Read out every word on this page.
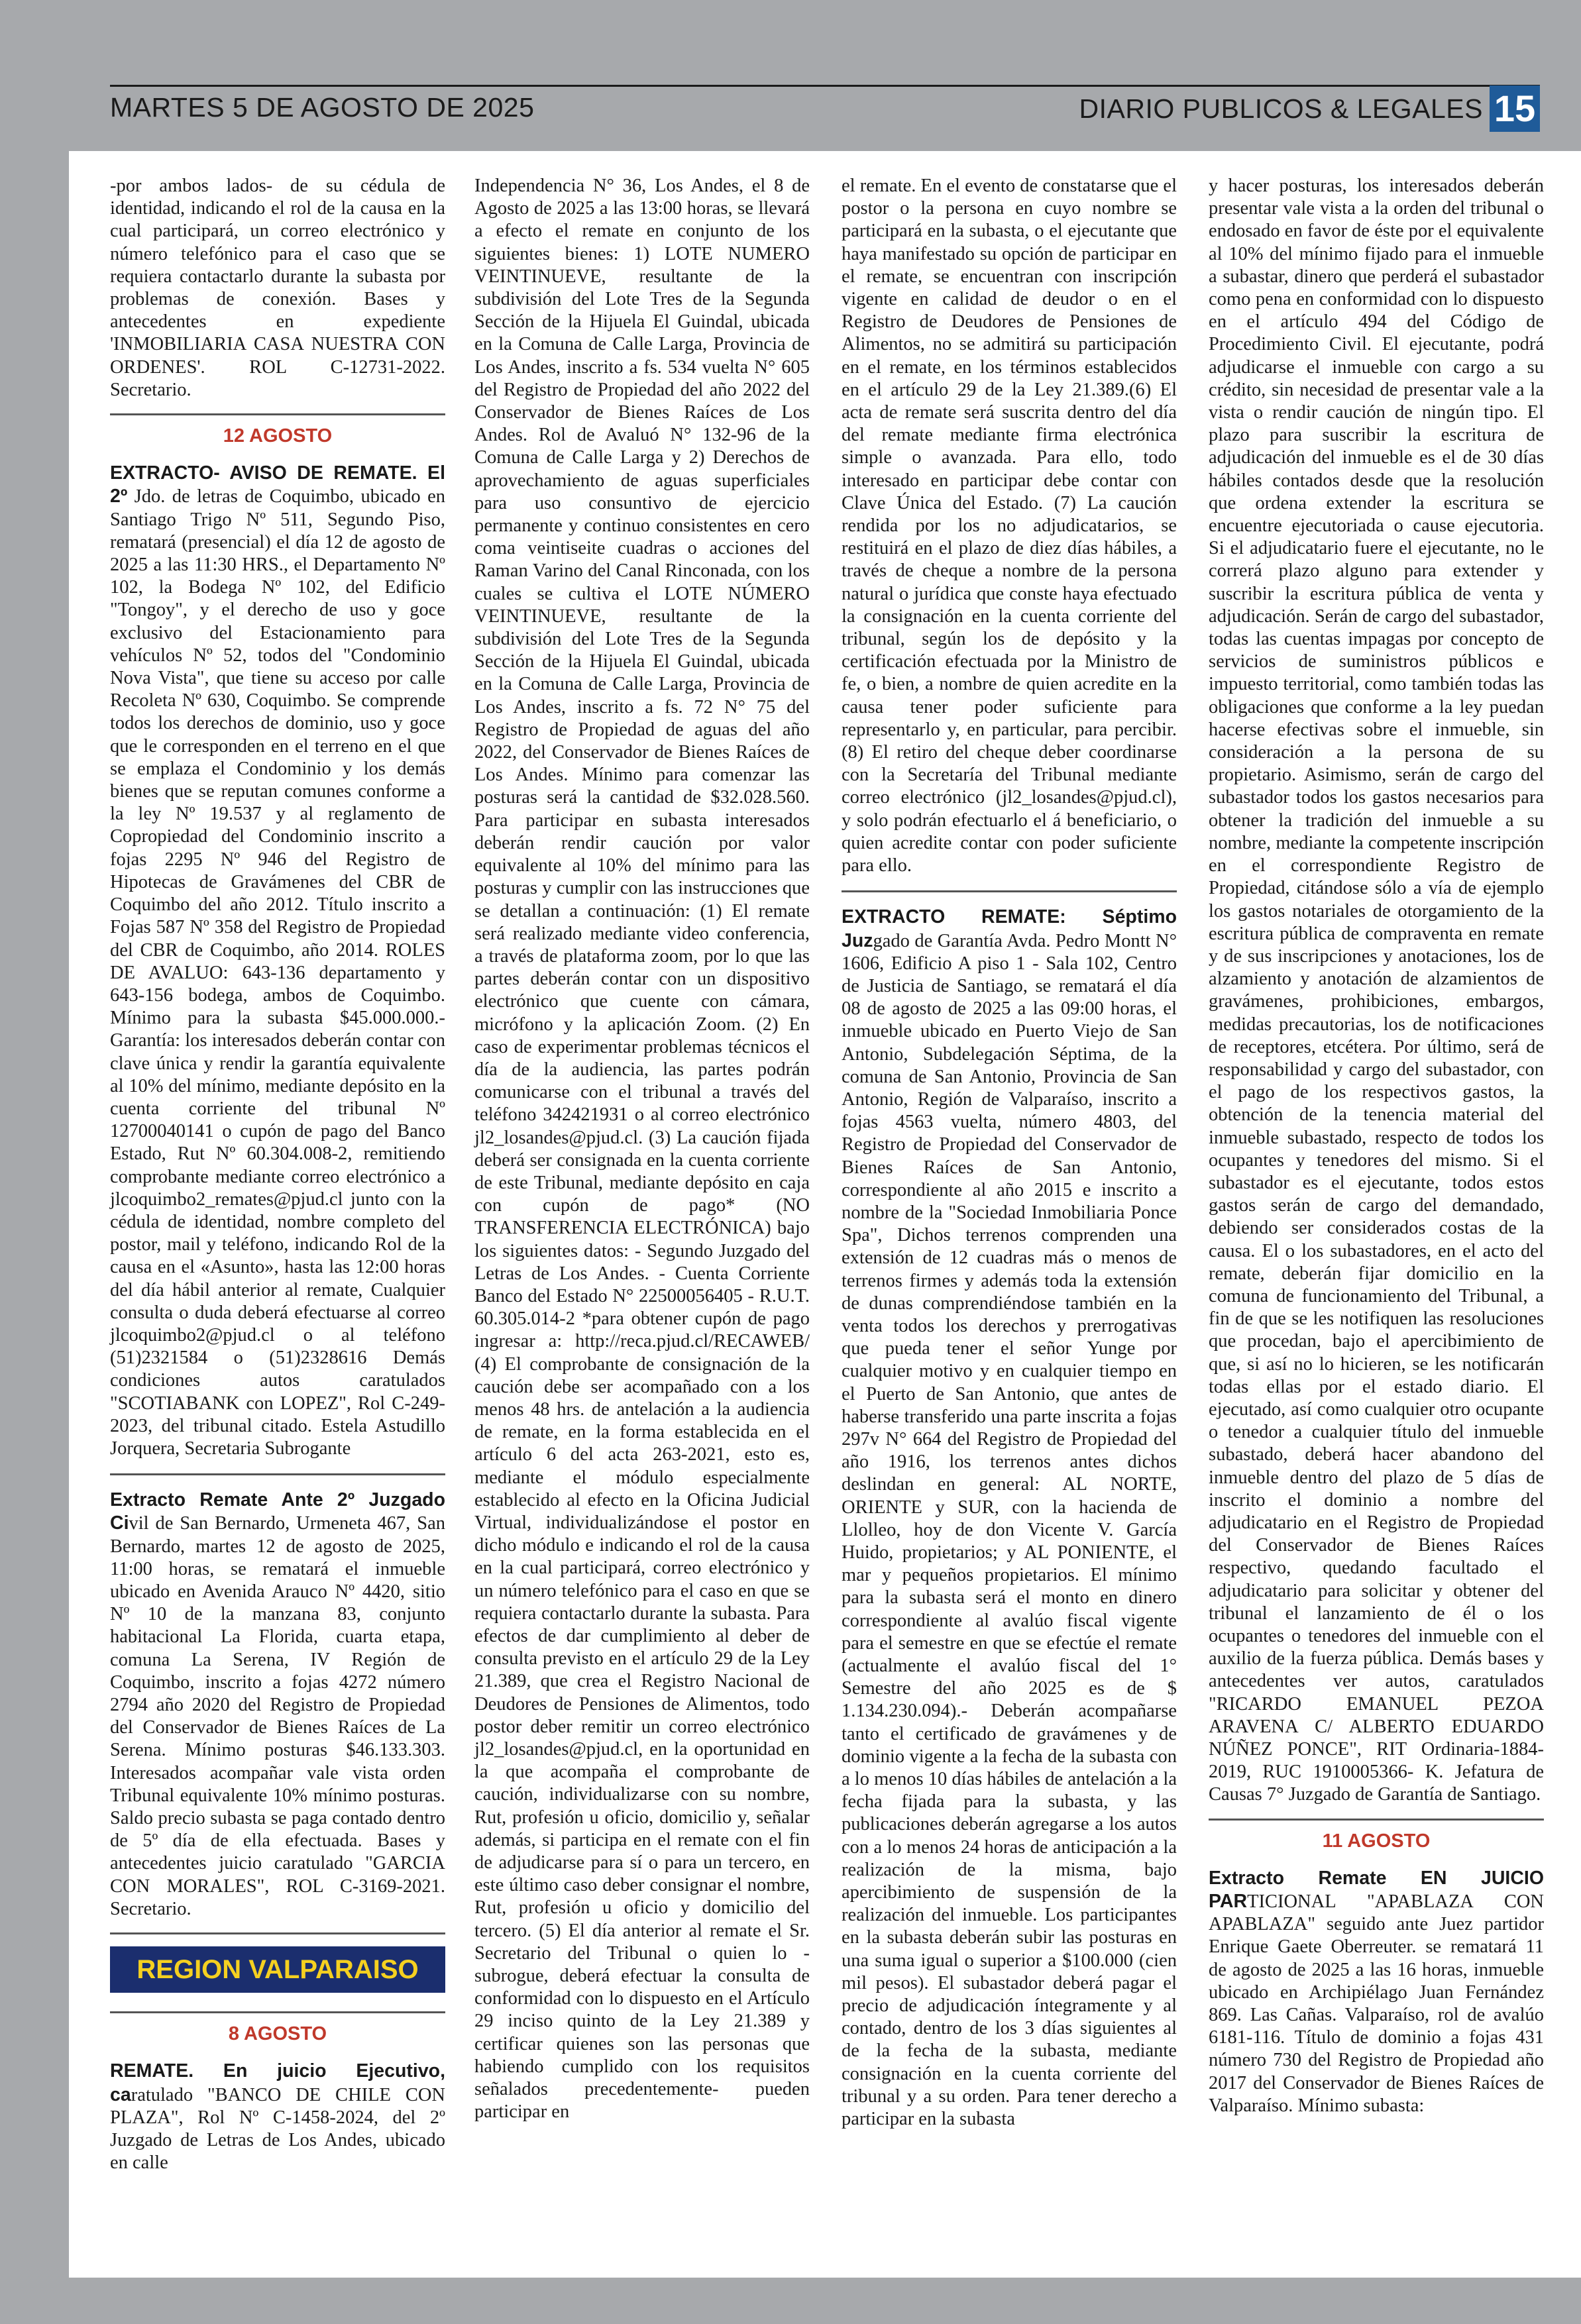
MARTES 5 DE AGOSTO DE 2025	DIARIO PUBLICOS & LEGALES 15

-por ambos lados- de su cédula de identidad, indicando el rol de la causa en la cual participará, un correo electrónico y número telefónico para el caso que se requiera contactarlo durante la subasta por problemas de conexión. Bases y antecedentes en expediente 'INMOBILIARIA CASA NUESTRA CON ORDENES'. ROL C-12731-2022. Secretario.

12 AGOSTO

EXTRACTO- AVISO DE REMATE. El 2º Jdo. de letras de Coquimbo, ubicado en Santiago Trigo Nº 511, Segundo Piso, rematará (presencial) el día 12 de agosto de 2025 a las 11:30 HRS., el Departamento Nº 102, la Bodega Nº 102, del Edificio "Tongoy", y el derecho de uso y goce exclusivo del Estacionamiento para vehículos Nº 52, todos del "Condominio Nova Vista", que tiene su acceso por calle Recoleta Nº 630, Coquimbo. Se comprende todos los derechos de dominio, uso y goce que le corresponden en el terreno en el que se emplaza el Condominio y los demás bienes que se reputan comunes conforme a la ley Nº 19.537 y al reglamento de Copropiedad del Condominio inscrito a fojas 2295 Nº 946 del Registro de Hipotecas de Gravámenes del CBR de Coquimbo del año 2012. Título inscrito a Fojas 587 Nº 358 del Registro de Propiedad del CBR de Coquimbo, año 2014. ROLES DE AVALUO: 643-136 departamento y 643-156 bodega, ambos de Coquimbo. Mínimo para la subasta $45.000.000.- Garantía: los interesados deberán contar con clave única y rendir la garantía equivalente al 10% del mínimo, mediante depósito en la cuenta corriente del tribunal Nº 12700040141 o cupón de pago del Banco Estado, Rut Nº 60.304.008-2, remitiendo comprobante mediante correo electrónico a jlcoquimbo2_remates@pjud.cl junto con la cédula de identidad, nombre completo del postor, mail y teléfono, indicando Rol de la causa en el «Asunto», hasta las 12:00 horas del día hábil anterior al remate, Cualquier consulta o duda deberá efectuarse al correo jlcoquimbo2@pjud.cl o al teléfono (51)2321584 o (51)2328616 Demás condiciones autos caratulados "SCOTIABANK con LOPEZ", Rol C-249-2023, del tribunal citado. Estela Astudillo Jorquera, Secretaria Subrogante

Extracto Remate Ante 2º Juzgado Civil de San Bernardo, Urmeneta 467, San Bernardo, martes 12 de agosto de 2025, 11:00 horas, se rematará el inmueble ubicado en Avenida Arauco Nº 4420, sitio Nº 10 de la manzana 83, conjunto habitacional La Florida, cuarta etapa, comuna La Serena, IV Región de Coquimbo, inscrito a fojas 4272 número 2794 año 2020 del Registro de Propiedad del Conservador de Bienes Raíces de La Serena. Mínimo posturas $46.133.303. Interesados acompañar vale vista orden Tribunal equivalente 10% mínimo posturas. Saldo precio subasta se paga contado dentro de 5º día de ella efectuada. Bases y antecedentes juicio caratulado "GARCIA CON MORALES", ROL C-3169-2021. Secretario.

REGION VALPARAISO
8 AGOSTO

REMATE. En juicio Ejecutivo, caratulado "BANCO DE CHILE CON PLAZA", Rol Nº C-1458-2024, del 2º Juzgado de Letras de Los Andes, ubicado en calle

Independencia N° 36, Los Andes, el 8 de Agosto de 2025 a las 13:00 horas, se llevará a efecto el remate en conjunto de los siguientes bienes: 1) LOTE NUMERO VEINTINUEVE, resultante de la subdivisión del Lote Tres de la Segunda Sección de la Hijuela El Guindal, ubicada en la Comuna de Calle Larga, Provincia de Los Andes, inscrito a fs. 534 vuelta N° 605 del Registro de Propiedad del año 2022 del Conservador de Bienes Raíces de Los Andes. Rol de Avaluó N° 132-96 de la Comuna de Calle Larga y 2) Derechos de aprovechamiento de aguas superficiales para uso consuntivo de ejercicio permanente y continuo consistentes en cero coma veintiseite cuadras o acciones del Raman Varino del Canal Rinconada, con los cuales se cultiva el LOTE NÚMERO VEINTINUEVE, resultante de la subdivisión del Lote Tres de la Segunda Sección de la Hijuela El Guindal, ubicada en la Comuna de Calle Larga, Provincia de Los Andes, inscrito a fs. 72 N° 75 del Registro de Propiedad de aguas del año 2022, del Conservador de Bienes Raíces de Los Andes. Mínimo para comenzar las posturas será la cantidad de $32.028.560. Para participar en subasta interesados deberán rendir caución por valor equivalente al 10% del mínimo para las posturas y cumplir con las instrucciones que se detallan a continuación: (1) El remate será realizado mediante video conferencia, a través de plataforma zoom, por lo que las partes deberán contar con un dispositivo electrónico que cuente con cámara, micrófono y la aplicación Zoom. (2) En caso de experimentar problemas técnicos el día de la audiencia, las partes podrán comunicarse con el tribunal a través del teléfono 342421931 o al correo electrónico jl2_losandes@pjud.cl. (3) La caución fijada deberá ser consignada en la cuenta corriente de este Tribunal, mediante depósito en caja con cupón de pago* (NO TRANSFERENCIA ELECTRÓNICA) bajo los siguientes datos: - Segundo Juzgado del Letras de Los Andes. - Cuenta Corriente Banco del Estado N° 22500056405 - R.U.T. 60.305.014-2 *para obtener cupón de pago ingresar a: http://reca.pjud.cl/RECAWEB/ (4) El comprobante de consignación de la caución debe ser acompañado con a los menos 48 hrs. de antelación a la audiencia de remate, en la forma establecida en el artículo 6 del acta 263-2021, esto es, mediante el módulo especialmente establecido al efecto en la Oficina Judicial Virtual, individualizándose el postor en dicho módulo e indicando el rol de la causa en la cual participará, correo electrónico y un número telefónico para el caso en que se requiera contactarlo durante la subasta. Para efectos de dar cumplimiento al deber de consulta previsto en el artículo 29 de la Ley 21.389, que crea el Registro Nacional de Deudores de Pensiones de Alimentos, todo postor deber remitir un correo electrónico jl2_losandes@pjud.cl, en la oportunidad en la que acompaña el comprobante de caución, individualizarse con su nombre, Rut, profesión u oficio, domicilio y, señalar además, si participa en el remate con el fin de adjudicarse para sí o para un tercero, en este último caso deber consignar el nombre, Rut, profesión u oficio y domicilio del tercero. (5) El día anterior al remate el Sr. Secretario del Tribunal o quien lo -subrogue, deberá efectuar la consulta de conformidad con lo dispuesto en el Artículo 29 inciso quinto de la Ley 21.389 y certificar quienes son las personas que habiendo cumplido con los requisitos señalados precedentemente- pueden participar en

el remate. En el evento de constatarse que el postor o la persona en cuyo nombre se participará en la subasta, o el ejecutante que haya manifestado su opción de participar en el remate, se encuentran con inscripción vigente en calidad de deudor o en el Registro de Deudores de Pensiones de Alimentos, no se admitirá su participación en el remate, en los términos establecidos en el artículo 29 de la Ley 21.389.(6) El acta de remate será suscrita dentro del día del remate mediante firma electrónica simple o avanzada. Para ello, todo interesado en participar debe contar con Clave Única del Estado. (7) La caución rendida por los no adjudicatarios, se restituirá en el plazo de diez días hábiles, a través de cheque a nombre de la persona natural o jurídica que conste haya efectuado la consignación en la cuenta corriente del tribunal, según los de depósito y la certificación efectuada por la Ministro de fe, o bien, a nombre de quien acredite en la causa tener poder suficiente para representarlo y, en particular, para percibir. (8) El retiro del cheque deber coordinarse con la Secretaría del Tribunal mediante correo electrónico (jl2_losandes@pjud.cl), y solo podrán efectuarlo el á beneficiario, o quien acredite contar con poder suficiente para ello.

EXTRACTO REMATE: Séptimo Juzgado de Garantía Avda. Pedro Montt N° 1606, Edificio A piso 1 - Sala 102, Centro de Justicia de Santiago, se rematará el día 08 de agosto de 2025 a las 09:00 horas, el inmueble ubicado en Puerto Viejo de San Antonio, Subdelegación Séptima, de la comuna de San Antonio, Provincia de San Antonio, Región de Valparaíso, inscrito a fojas 4563 vuelta, número 4803, del Registro de Propiedad del Conservador de Bienes Raíces de San Antonio, correspondiente al año 2015 e inscrito a nombre de la "Sociedad Inmobiliaria Ponce Spa", Dichos terrenos comprenden una extensión de 12 cuadras más o menos de terrenos firmes y además toda la extensión de dunas comprendiéndose también en la venta todos los derechos y prerrogativas que pueda tener el señor Yunge por cualquier motivo y en cualquier tiempo en el Puerto de San Antonio, que antes de haberse transferido una parte inscrita a fojas 297v N° 664 del Registro de Propiedad del año 1916, los terrenos antes dichos deslindan en general: AL NORTE, ORIENTE y SUR, con la hacienda de Llolleo, hoy de don Vicente V. García Huido, propietarios; y AL PONIENTE, el mar y pequeños propietarios. El mínimo para la subasta será el monto en dinero correspondiente al avalúo fiscal vigente para el semestre en que se efectúe el remate (actualmente el avalúo fiscal del 1° Semestre del año 2025 es de $ 1.134.230.094).- Deberán acompañarse tanto el certificado de gravámenes y de dominio vigente a la fecha de la subasta con a lo menos 10 días hábiles de antelación a la fecha fijada para la subasta, y las publicaciones deberán agregarse a los autos con a lo menos 24 horas de anticipación a la realización de la misma, bajo apercibimiento de suspensión de la realización del inmueble. Los participantes en la subasta deberán subir las posturas en una suma igual o superior a $100.000 (cien mil pesos). El subastador deberá pagar el precio de adjudicación íntegramente y al contado, dentro de los 3 días siguientes al de la fecha de la subasta, mediante consignación en la cuenta corriente del tribunal y a su orden. Para tener derecho a participar en la subasta

y hacer posturas, los interesados deberán presentar vale vista a la orden del tribunal o endosado en favor de éste por el equivalente al 10% del mínimo fijado para el inmueble a subastar, dinero que perderá el subastador como pena en conformidad con lo dispuesto en el artículo 494 del Código de Procedimiento Civil. El ejecutante, podrá adjudicarse el inmueble con cargo a su crédito, sin necesidad de presentar vale a la vista o rendir caución de ningún tipo. El plazo para suscribir la escritura de adjudicación del inmueble es el de 30 días hábiles contados desde que la resolución que ordena extender la escritura se encuentre ejecutoriada o cause ejecutoria. Si el adjudicatario fuere el ejecutante, no le correrá plazo alguno para extender y suscribir la escritura pública de venta y adjudicación. Serán de cargo del subastador, todas las cuentas impagas por concepto de servicios de suministros públicos e impuesto territorial, como también todas las obligaciones que conforme a la ley puedan hacerse efectivas sobre el inmueble, sin consideración a la persona de su propietario. Asimismo, serán de cargo del subastador todos los gastos necesarios para obtener la tradición del inmueble a su nombre, mediante la competente inscripción en el correspondiente Registro de Propiedad, citándose sólo a vía de ejemplo los gastos notariales de otorgamiento de la escritura pública de compraventa en remate y de sus inscripciones y anotaciones, los de alzamiento y anotación de alzamientos de gravámenes, prohibiciones, embargos, medidas precautorias, los de notificaciones de receptores, etcétera. Por último, será de responsabilidad y cargo del subastador, con el pago de los respectivos gastos, la obtención de la tenencia material del inmueble subastado, respecto de todos los ocupantes y tenedores del mismo. Si el subastador es el ejecutante, todos estos gastos serán de cargo del demandado, debiendo ser considerados costas de la causa. El o los subastadores, en el acto del remate, deberán fijar domicilio en la comuna de funcionamiento del Tribunal, a fin de que se les notifiquen las resoluciones que procedan, bajo el apercibimiento de que, si así no lo hicieren, se les notificarán todas ellas por el estado diario. El ejecutado, así como cualquier otro ocupante o tenedor a cualquier título del inmueble subastado, deberá hacer abandono del inmueble dentro del plazo de 5 días de inscrito el dominio a nombre del adjudicatario en el Registro de Propiedad del Conservador de Bienes Raíces respectivo, quedando facultado el adjudicatario para solicitar y obtener del tribunal el lanzamiento de él o los ocupantes o tenedores del inmueble con el auxilio de la fuerza pública. Demás bases y antecedentes ver autos, caratulados "RICARDO EMANUEL PEZOA ARAVENA C/ ALBERTO EDUARDO NÚÑEZ PONCE", RIT Ordinaria-1884-2019, RUC 1910005366- K. Jefatura de Causas 7° Juzgado de Garantía de Santiago.

11 AGOSTO

Extracto Remate EN JUICIO PARTICIONAL "APABLAZA CON APABLAZA" seguido ante Juez partidor Enrique Gaete Oberreuter. se rematará 11 de agosto de 2025 a las 16 horas, inmueble ubicado en Archipiélago Juan Fernández 869. Las Cañas. Valparaíso, rol de avalúo 6181-116. Título de dominio a fojas 431 número 730 del Registro de Propiedad año 2017 del Conservador de Bienes Raíces de Valparaíso. Mínimo subasta:
